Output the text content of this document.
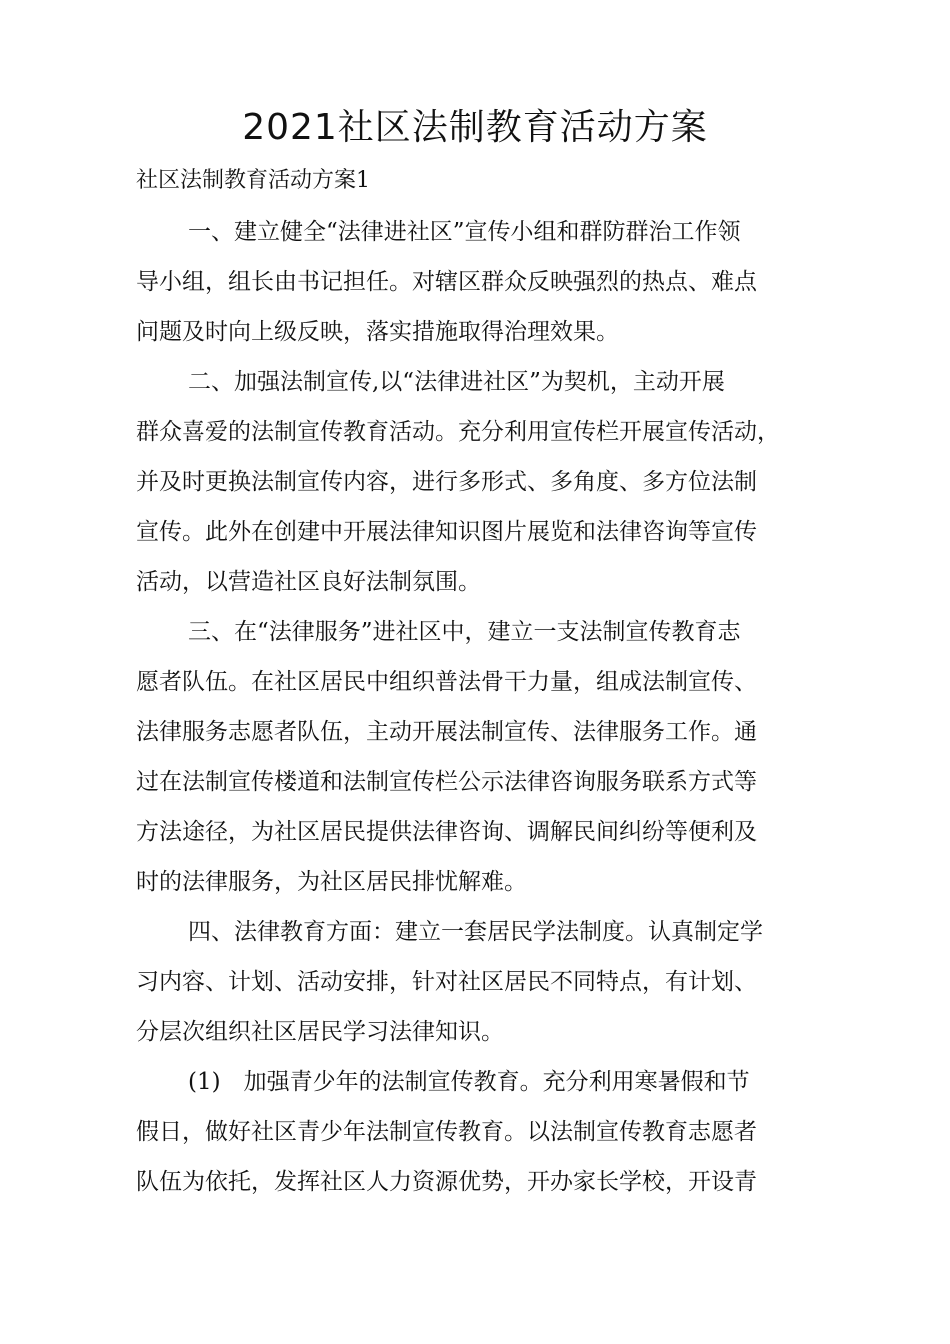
2021社区法制教育活动方案

社区法制教育活动方案1

一、建立健全“法律进社区”宣传小组和群防群治工作领

导小组，组长由书记担任。对辖区群众反映强烈的热点、难点

问题及时向上级反映，落实措施取得治理效果。

二、加强法制宣传,以“法律进社区”为契机，主动开展

群众喜爱的法制宣传教育活动。充分利用宣传栏开展宣传活动，

并及时更换法制宣传内容，进行多形式、多角度、多方位法制

宣传。此外在创建中开展法律知识图片展览和法律咨询等宣传

活动，以营造社区良好法制氛围。

三、在“法律服务”进社区中，建立一支法制宣传教育志

愿者队伍。在社区居民中组织普法骨干力量，组成法制宣传、

法律服务志愿者队伍，主动开展法制宣传、法律服务工作。通

过在法制宣传楼道和法制宣传栏公示法律咨询服务联系方式等

方法途径，为社区居民提供法律咨询、调解民间纠纷等便利及

时的法律服务，为社区居民排忧解难。

四、法律教育方面：建立一套居民学法制度。认真制定学

习内容、计划、活动安排，针对社区居民不同特点，有计划、

分层次组织社区居民学习法律知识。

(1)　加强青少年的法制宣传教育。充分利用寒暑假和节

假日，做好社区青少年法制宣传教育。以法制宣传教育志愿者

队伍为依托，发挥社区人力资源优势，开办家长学校，开设青
